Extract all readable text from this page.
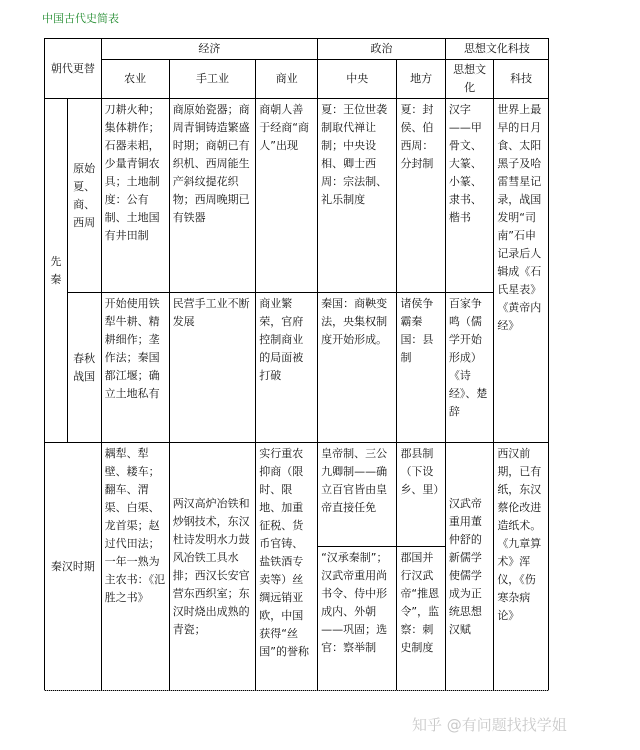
中国古代史简表
朝代更替		经济			政治		思想文化科技	
		农业	手工业	商业	中央	地方	思想文化	科技
先秦	原始夏、商、西周	刀耕火种；集体耕作；石器耒耜，少量青铜农具；土地制度：公有制、土地国有井田制	商原始瓷器；商周青铜铸造繁盛时期；商朝已有织机、西周能生产斜纹提花织物；西周晚期已有铁器	商朝人善于经商“商人”出现	夏：王位世袭制取代禅让制；中央设相、卿士西周：宗法制、礼乐制度	夏：封侯、伯西周：分封制	汉字——甲骨文、大篆、小篆、隶书、楷书	世界上最早的日月食、太阳黑子及哈雷彗星记录，战国发明“司南”石申记录后人辑成《石氏星表》《黄帝内经》
	春秋战国	开始使用铁犁牛耕、精耕细作；垄作法；秦国都江堰；确立土地私有	民营手工业不断发展	商业繁荣，官府控制商业的局面被打破	秦国：商鞅变法，央集权制度开始形成。	诸侯争霸秦国：县制	百家争鸣（儒学开始形成）《诗经》、楚辞	
秦汉时期		耦犁、犁壁、耧车；翻车、渭渠、白渠、龙首渠；赵过代田法；一年一熟为主农书：《氾胜之书》	两汉高炉冶铁和炒钢技术，东汉杜诗发明水力鼓风冶铁工具水排；西汉长安官营东西织室；东汉时烧出成熟的青瓷；	实行重农抑商（限时、限地、加重征税、货币官铸、盐铁酒专卖等）丝绸远销亚欧，中国获得“丝国”的誉称	皇帝制、三公九卿制——确立百官皆由皇帝直接任免	郡县制（下设乡、里）	汉武帝重用董仲舒的新儒学使儒学成为正统思想汉赋	西汉前期，已有纸，东汉蔡伦改进造纸术。《九章算术》浑仪，《伤寒杂病论》
					“汉承秦制”；汉武帝重用尚书令、侍中形成内、外朝——巩固；选官：察举制	郡国并行汉武帝“推恩令”，监察：刺史制度		
知乎 @有问题找找学姐
